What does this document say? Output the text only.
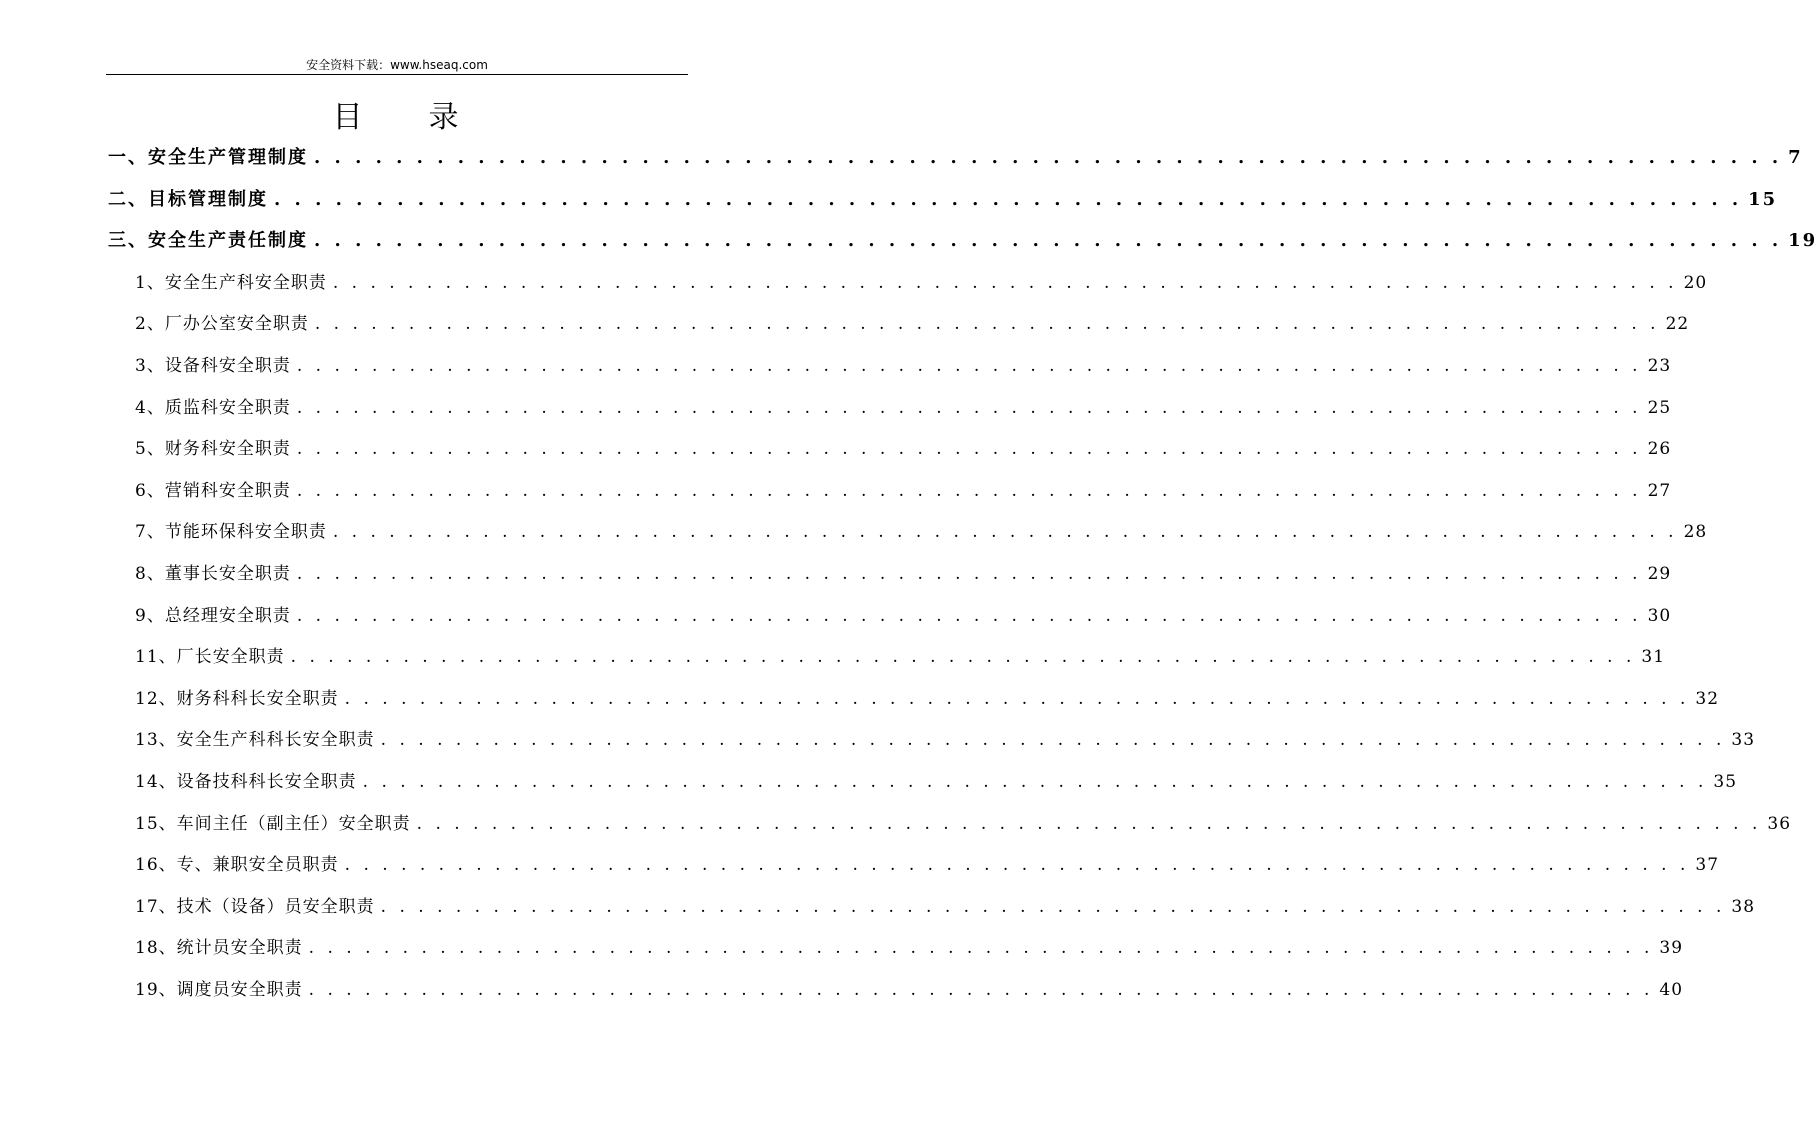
安全资料下载：www.hseaq.com
目　　录
一、安全生产管理制度 . . . . . . . . . . . . . . . . . . . . . . . . . . . . . . . . . . . . . . . . . . . . . . . . . . . . . . . . . . . . . . . . . . . . . . . . 7
二、目标管理制度 . . . . . . . . . . . . . . . . . . . . . . . . . . . . . . . . . . . . . . . . . . . . . . . . . . . . . . . . . . . . . . . . . . . . . . . . 15
三、安全生产责任制度 . . . . . . . . . . . . . . . . . . . . . . . . . . . . . . . . . . . . . . . . . . . . . . . . . . . . . . . . . . . . . . . . . . . . . . . . 19
1、安全生产科安全职责 . . . . . . . . . . . . . . . . . . . . . . . . . . . . . . . . . . . . . . . . . . . . . . . . . . . . . . . . . . . . . . . . . . . . . . . . 20
2、厂办公室安全职责 . . . . . . . . . . . . . . . . . . . . . . . . . . . . . . . . . . . . . . . . . . . . . . . . . . . . . . . . . . . . . . . . . . . . . . . . 22
3、设备科安全职责 . . . . . . . . . . . . . . . . . . . . . . . . . . . . . . . . . . . . . . . . . . . . . . . . . . . . . . . . . . . . . . . . . . . . . . . . 23
4、质监科安全职责 . . . . . . . . . . . . . . . . . . . . . . . . . . . . . . . . . . . . . . . . . . . . . . . . . . . . . . . . . . . . . . . . . . . . . . . . 25
5、财务科安全职责 . . . . . . . . . . . . . . . . . . . . . . . . . . . . . . . . . . . . . . . . . . . . . . . . . . . . . . . . . . . . . . . . . . . . . . . . 26
6、营销科安全职责 . . . . . . . . . . . . . . . . . . . . . . . . . . . . . . . . . . . . . . . . . . . . . . . . . . . . . . . . . . . . . . . . . . . . . . . . 27
7、节能环保科安全职责 . . . . . . . . . . . . . . . . . . . . . . . . . . . . . . . . . . . . . . . . . . . . . . . . . . . . . . . . . . . . . . . . . . . . . . . . 28
8、董事长安全职责 . . . . . . . . . . . . . . . . . . . . . . . . . . . . . . . . . . . . . . . . . . . . . . . . . . . . . . . . . . . . . . . . . . . . . . . . 29
9、总经理安全职责 . . . . . . . . . . . . . . . . . . . . . . . . . . . . . . . . . . . . . . . . . . . . . . . . . . . . . . . . . . . . . . . . . . . . . . . . 30
11、厂长安全职责 . . . . . . . . . . . . . . . . . . . . . . . . . . . . . . . . . . . . . . . . . . . . . . . . . . . . . . . . . . . . . . . . . . . . . . . . 31
12、财务科科长安全职责 . . . . . . . . . . . . . . . . . . . . . . . . . . . . . . . . . . . . . . . . . . . . . . . . . . . . . . . . . . . . . . . . . . . . . . . . 32
13、安全生产科科长安全职责 . . . . . . . . . . . . . . . . . . . . . . . . . . . . . . . . . . . . . . . . . . . . . . . . . . . . . . . . . . . . . . . . . . . . . . . . 33
14、设备技科科长安全职责 . . . . . . . . . . . . . . . . . . . . . . . . . . . . . . . . . . . . . . . . . . . . . . . . . . . . . . . . . . . . . . . . . . . . . . . . 35
15、车间主任（副主任）安全职责 . . . . . . . . . . . . . . . . . . . . . . . . . . . . . . . . . . . . . . . . . . . . . . . . . . . . . . . . . . . . . . . . . . . . . . . . 36
16、专、兼职安全员职责 . . . . . . . . . . . . . . . . . . . . . . . . . . . . . . . . . . . . . . . . . . . . . . . . . . . . . . . . . . . . . . . . . . . . . . . . 37
17、技术（设备）员安全职责 . . . . . . . . . . . . . . . . . . . . . . . . . . . . . . . . . . . . . . . . . . . . . . . . . . . . . . . . . . . . . . . . . . . . . . . . 38
18、统计员安全职责 . . . . . . . . . . . . . . . . . . . . . . . . . . . . . . . . . . . . . . . . . . . . . . . . . . . . . . . . . . . . . . . . . . . . . . . . 39
19、调度员安全职责 . . . . . . . . . . . . . . . . . . . . . . . . . . . . . . . . . . . . . . . . . . . . . . . . . . . . . . . . . . . . . . . . . . . . . . . . 40
